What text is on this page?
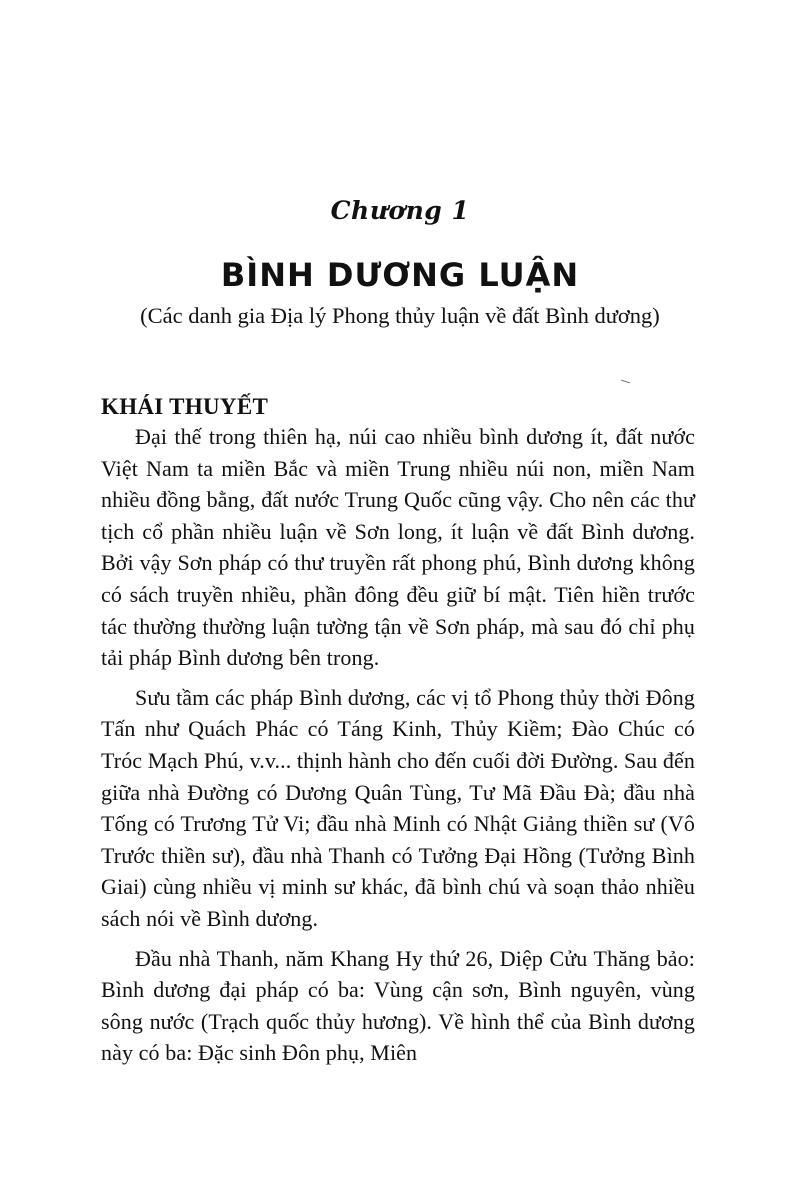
Chương 1
BÌNH DƯƠNG LUẬN
(Các danh gia Địa lý Phong thủy luận về đất Bình dương)
KHÁI THUYẾT

Đại thế trong thiên hạ, núi cao nhiều bình dương ít, đất nước Việt Nam ta miền Bắc và miền Trung nhiều núi non, miền Nam nhiều đồng bằng, đất nước Trung Quốc cũng vậy. Cho nên các thư tịch cổ phần nhiều luận về Sơn long, ít luận về đất Bình dương. Bởi vậy Sơn pháp có thư truyền rất phong phú, Bình dương không có sách truyền nhiều, phần đông đều giữ bí mật. Tiên hiền trước tác thường thường luận tường tận về Sơn pháp, mà sau đó chỉ phụ tải pháp Bình dương bên trong.

Sưu tầm các pháp Bình dương, các vị tổ Phong thủy thời Đông Tấn như Quách Phác có Táng Kinh, Thủy Kiềm; Đào Chúc có Tróc Mạch Phú, v.v... thịnh hành cho đến cuối đời Đường. Sau đến giữa nhà Đường có Dương Quân Tùng, Tư Mã Đầu Đà; đầu nhà Tống có Trương Tử Vi; đầu nhà Minh có Nhật Giảng thiền sư (Vô Trước thiền sư), đầu nhà Thanh có Tưởng Đại Hồng (Tưởng Bình Giai) cùng nhiều vị minh sư khác, đã bình chú và soạn thảo nhiều sách nói về Bình dương.

Đầu nhà Thanh, năm Khang Hy thứ 26, Diệp Cửu Thăng bảo: Bình dương đại pháp có ba: Vùng cận sơn, Bình nguyên, vùng sông nước (Trạch quốc thủy hương). Về hình thể của Bình dương này có ba: Đặc sinh Đôn phụ, Miên
